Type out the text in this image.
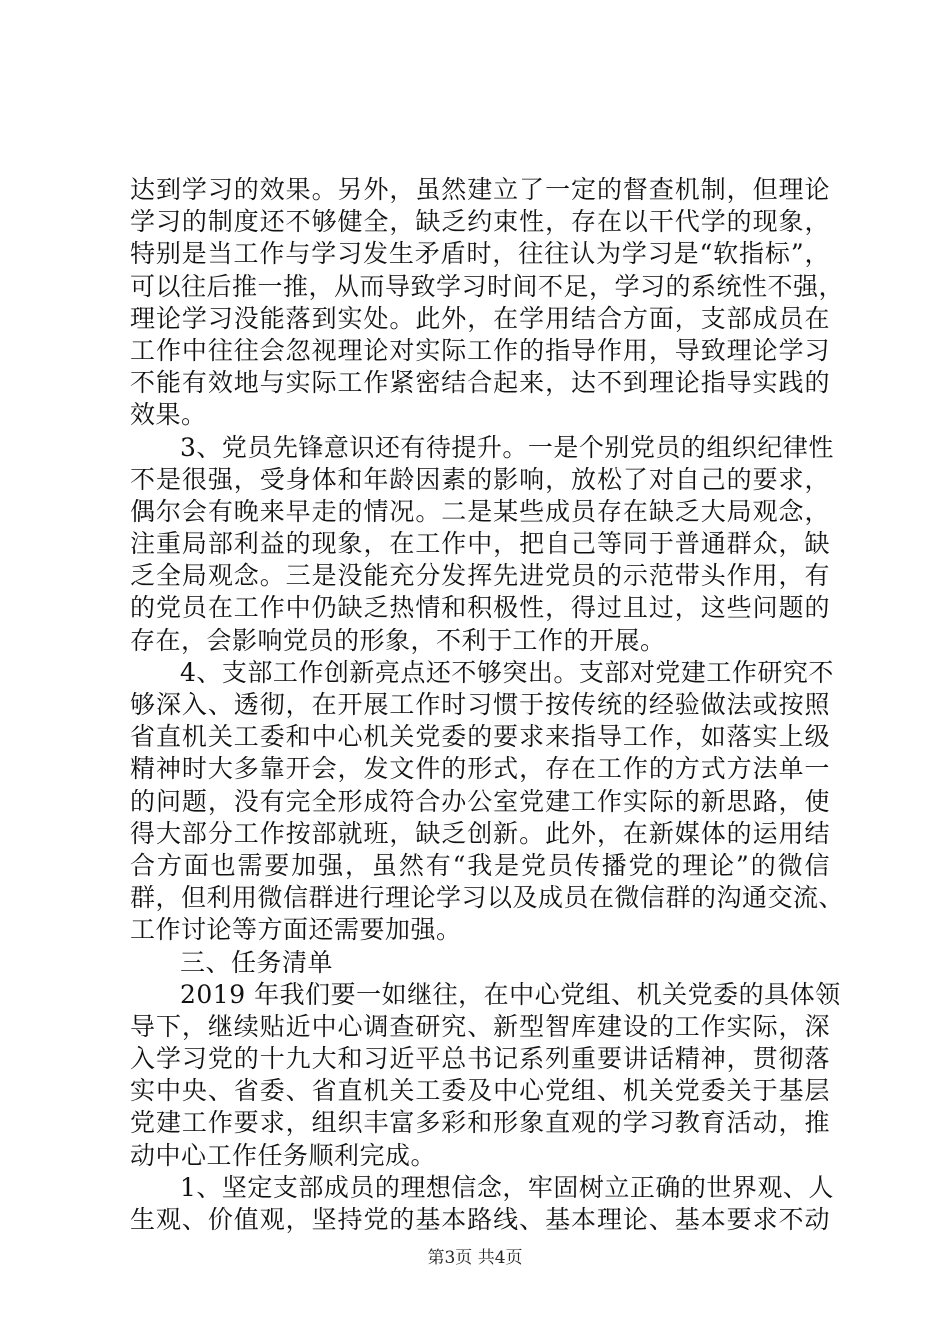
达到学习的效果。另外，虽然建立了一定的督查机制，但理论
学习的制度还不够健全，缺乏约束性，存在以干代学的现象，
特别是当工作与学习发生矛盾时，往往认为学习是“软指标”，
可以往后推一推，从而导致学习时间不足，学习的系统性不强，
理论学习没能落到实处。此外，在学用结合方面，支部成员在
工作中往往会忽视理论对实际工作的指导作用，导致理论学习
不能有效地与实际工作紧密结合起来，达不到理论指导实践的
效果。
3、党员先锋意识还有待提升。一是个别党员的组织纪律性
不是很强，受身体和年龄因素的影响，放松了对自己的要求，
偶尔会有晚来早走的情况。二是某些成员存在缺乏大局观念，
注重局部利益的现象，在工作中，把自己等同于普通群众，缺
乏全局观念。三是没能充分发挥先进党员的示范带头作用，有
的党员在工作中仍缺乏热情和积极性，得过且过，这些问题的
存在，会影响党员的形象，不利于工作的开展。
4、支部工作创新亮点还不够突出。支部对党建工作研究不
够深入、透彻，在开展工作时习惯于按传统的经验做法或按照
省直机关工委和中心机关党委的要求来指导工作，如落实上级
精神时大多靠开会，发文件的形式，存在工作的方式方法单一
的问题，没有完全形成符合办公室党建工作实际的新思路，使
得大部分工作按部就班，缺乏创新。此外，在新媒体的运用结
合方面也需要加强，虽然有“我是党员传播党的理论”的微信
群，但利用微信群进行理论学习以及成员在微信群的沟通交流、
工作讨论等方面还需要加强。
三、任务清单
2019 年我们要一如继往，在中心党组、机关党委的具体领
导下，继续贴近中心调查研究、新型智库建设的工作实际，深
入学习党的十九大和习近平总书记系列重要讲话精神，贯彻落
实中央、省委、省直机关工委及中心党组、机关党委关于基层
党建工作要求，组织丰富多彩和形象直观的学习教育活动，推
动中心工作任务顺利完成。
1、坚定支部成员的理想信念，牢固树立正确的世界观、人
生观、价值观，坚持党的基本路线、基本理论、基本要求不动
第3页 共4页
